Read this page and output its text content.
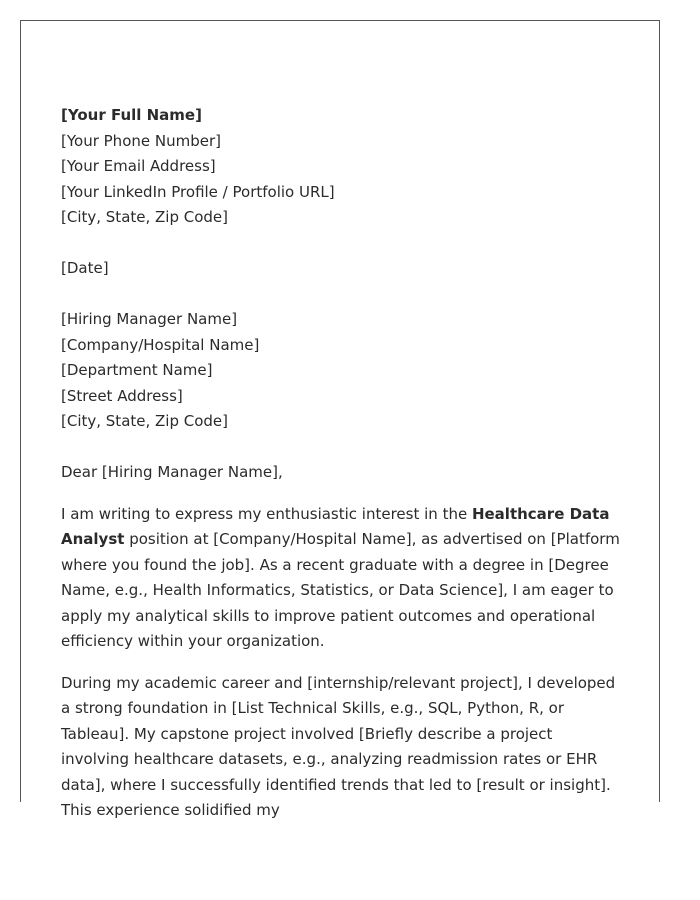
[Your Full Name]
[Your Phone Number]
[Your Email Address]
[Your LinkedIn Profile / Portfolio URL]
[City, State, Zip Code]
[Date]
[Hiring Manager Name]
[Company/Hospital Name]
[Department Name]
[Street Address]
[City, State, Zip Code]

Dear [Hiring Manager Name],

I am writing to express my enthusiastic interest in the Healthcare Data Analyst position at [Company/Hospital Name], as advertised on [Platform where you found the job]. As a recent graduate with a degree in [Degree Name, e.g., Health Informatics, Statistics, or Data Science], I am eager to apply my analytical skills to improve patient outcomes and operational efficiency within your organization.

During my academic career and [internship/relevant project], I developed a strong foundation in [List Technical Skills, e.g., SQL, Python, R, or Tableau]. My capstone project involved [Briefly describe a project involving healthcare datasets, e.g., analyzing readmission rates or EHR data], where I successfully identified trends that led to [result or insight]. This experience solidified my
